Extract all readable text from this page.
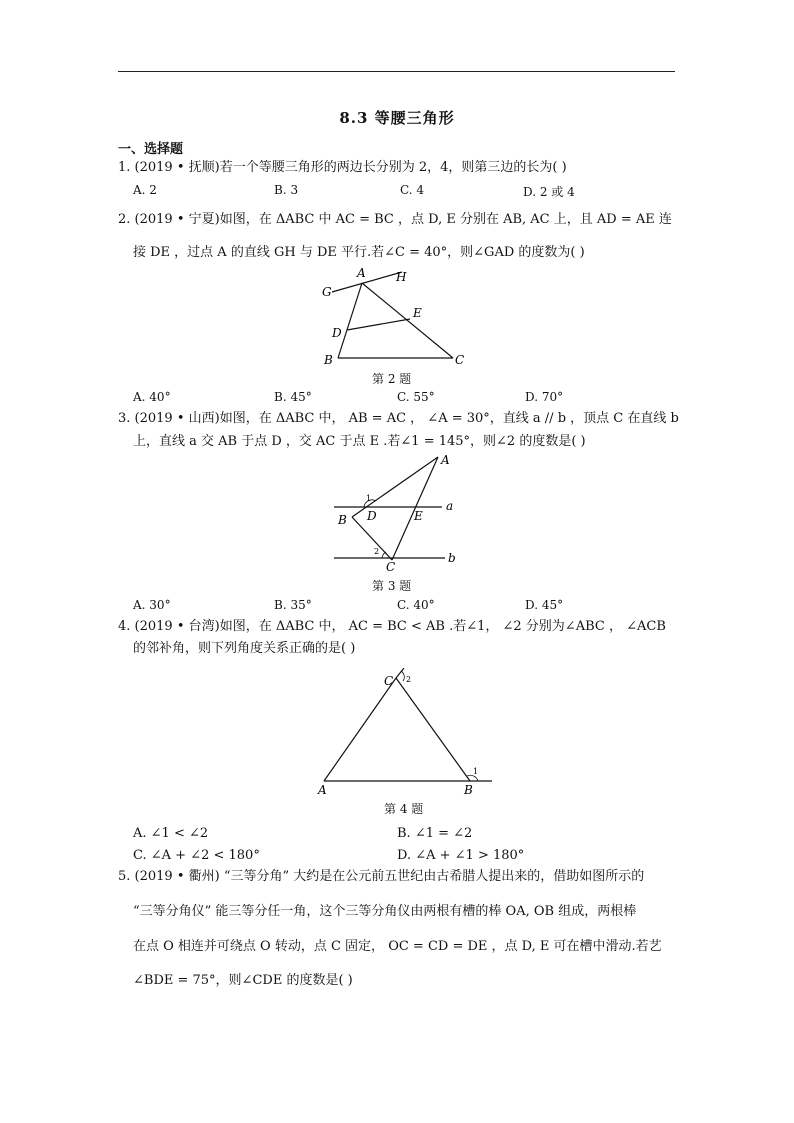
8.3 等腰三角形
一、选择题
1. (2019 • 抚顺)若一个等腰三角形的两边长分别为 2，4，则第三边的长为( )
A. 2	B. 3	C. 4	D. 2 或 4
2. (2019 • 宁夏)如图，在 ΔABC 中 AC = BC ，点 D, E 分别在 AB, AC 上，且 AD = AE 连
接 DE ，过点 A 的直线 GH 与 DE 平行.若∠C = 40°，则∠GAD 的度数为( )
A	H
G
E
D
B	C
第 2 题
A. 40°	B. 45°	C. 55°	D. 70°
3. (2019 • 山西)如图，在 ΔABC 中， AB = AC ， ∠A = 30°，直线 a // b ，顶点 C 在直线 b
上，直线 a 交 AB 于点 D ，交 AC 于点 E .若∠1 = 145°，则∠2 的度数是( )
A
1
B D	E
a
2
C
b
第 3 题
A. 30°	B. 35°	C. 40°	D. 45°
4. (2019 • 台湾)如图，在 ΔABC 中， AC = BC < AB .若∠1， ∠2 分别为∠ABC ， ∠ACB
的邻补角，则下列角度关系正确的是( )
C 2
A	B
1
第 4 题
A. ∠1 < ∠2	B. ∠1 = ∠2
C. ∠A + ∠2 < 180°	D. ∠A + ∠1 > 180°
5. (2019 • 衢州) “三等分角” 大约是在公元前五世纪由古希腊人提出来的，借助如图所示的
“三等分角仪” 能三等分任一角，这个三等分角仪由两根有槽的棒 OA, OB 组成，两根棒
在点 O 相连并可绕点 O 转动，点 C 固定， OC = CD = DE ，点 D, E 可在槽中滑动.若艺
∠BDE = 75°，则∠CDE 的度数是( )
